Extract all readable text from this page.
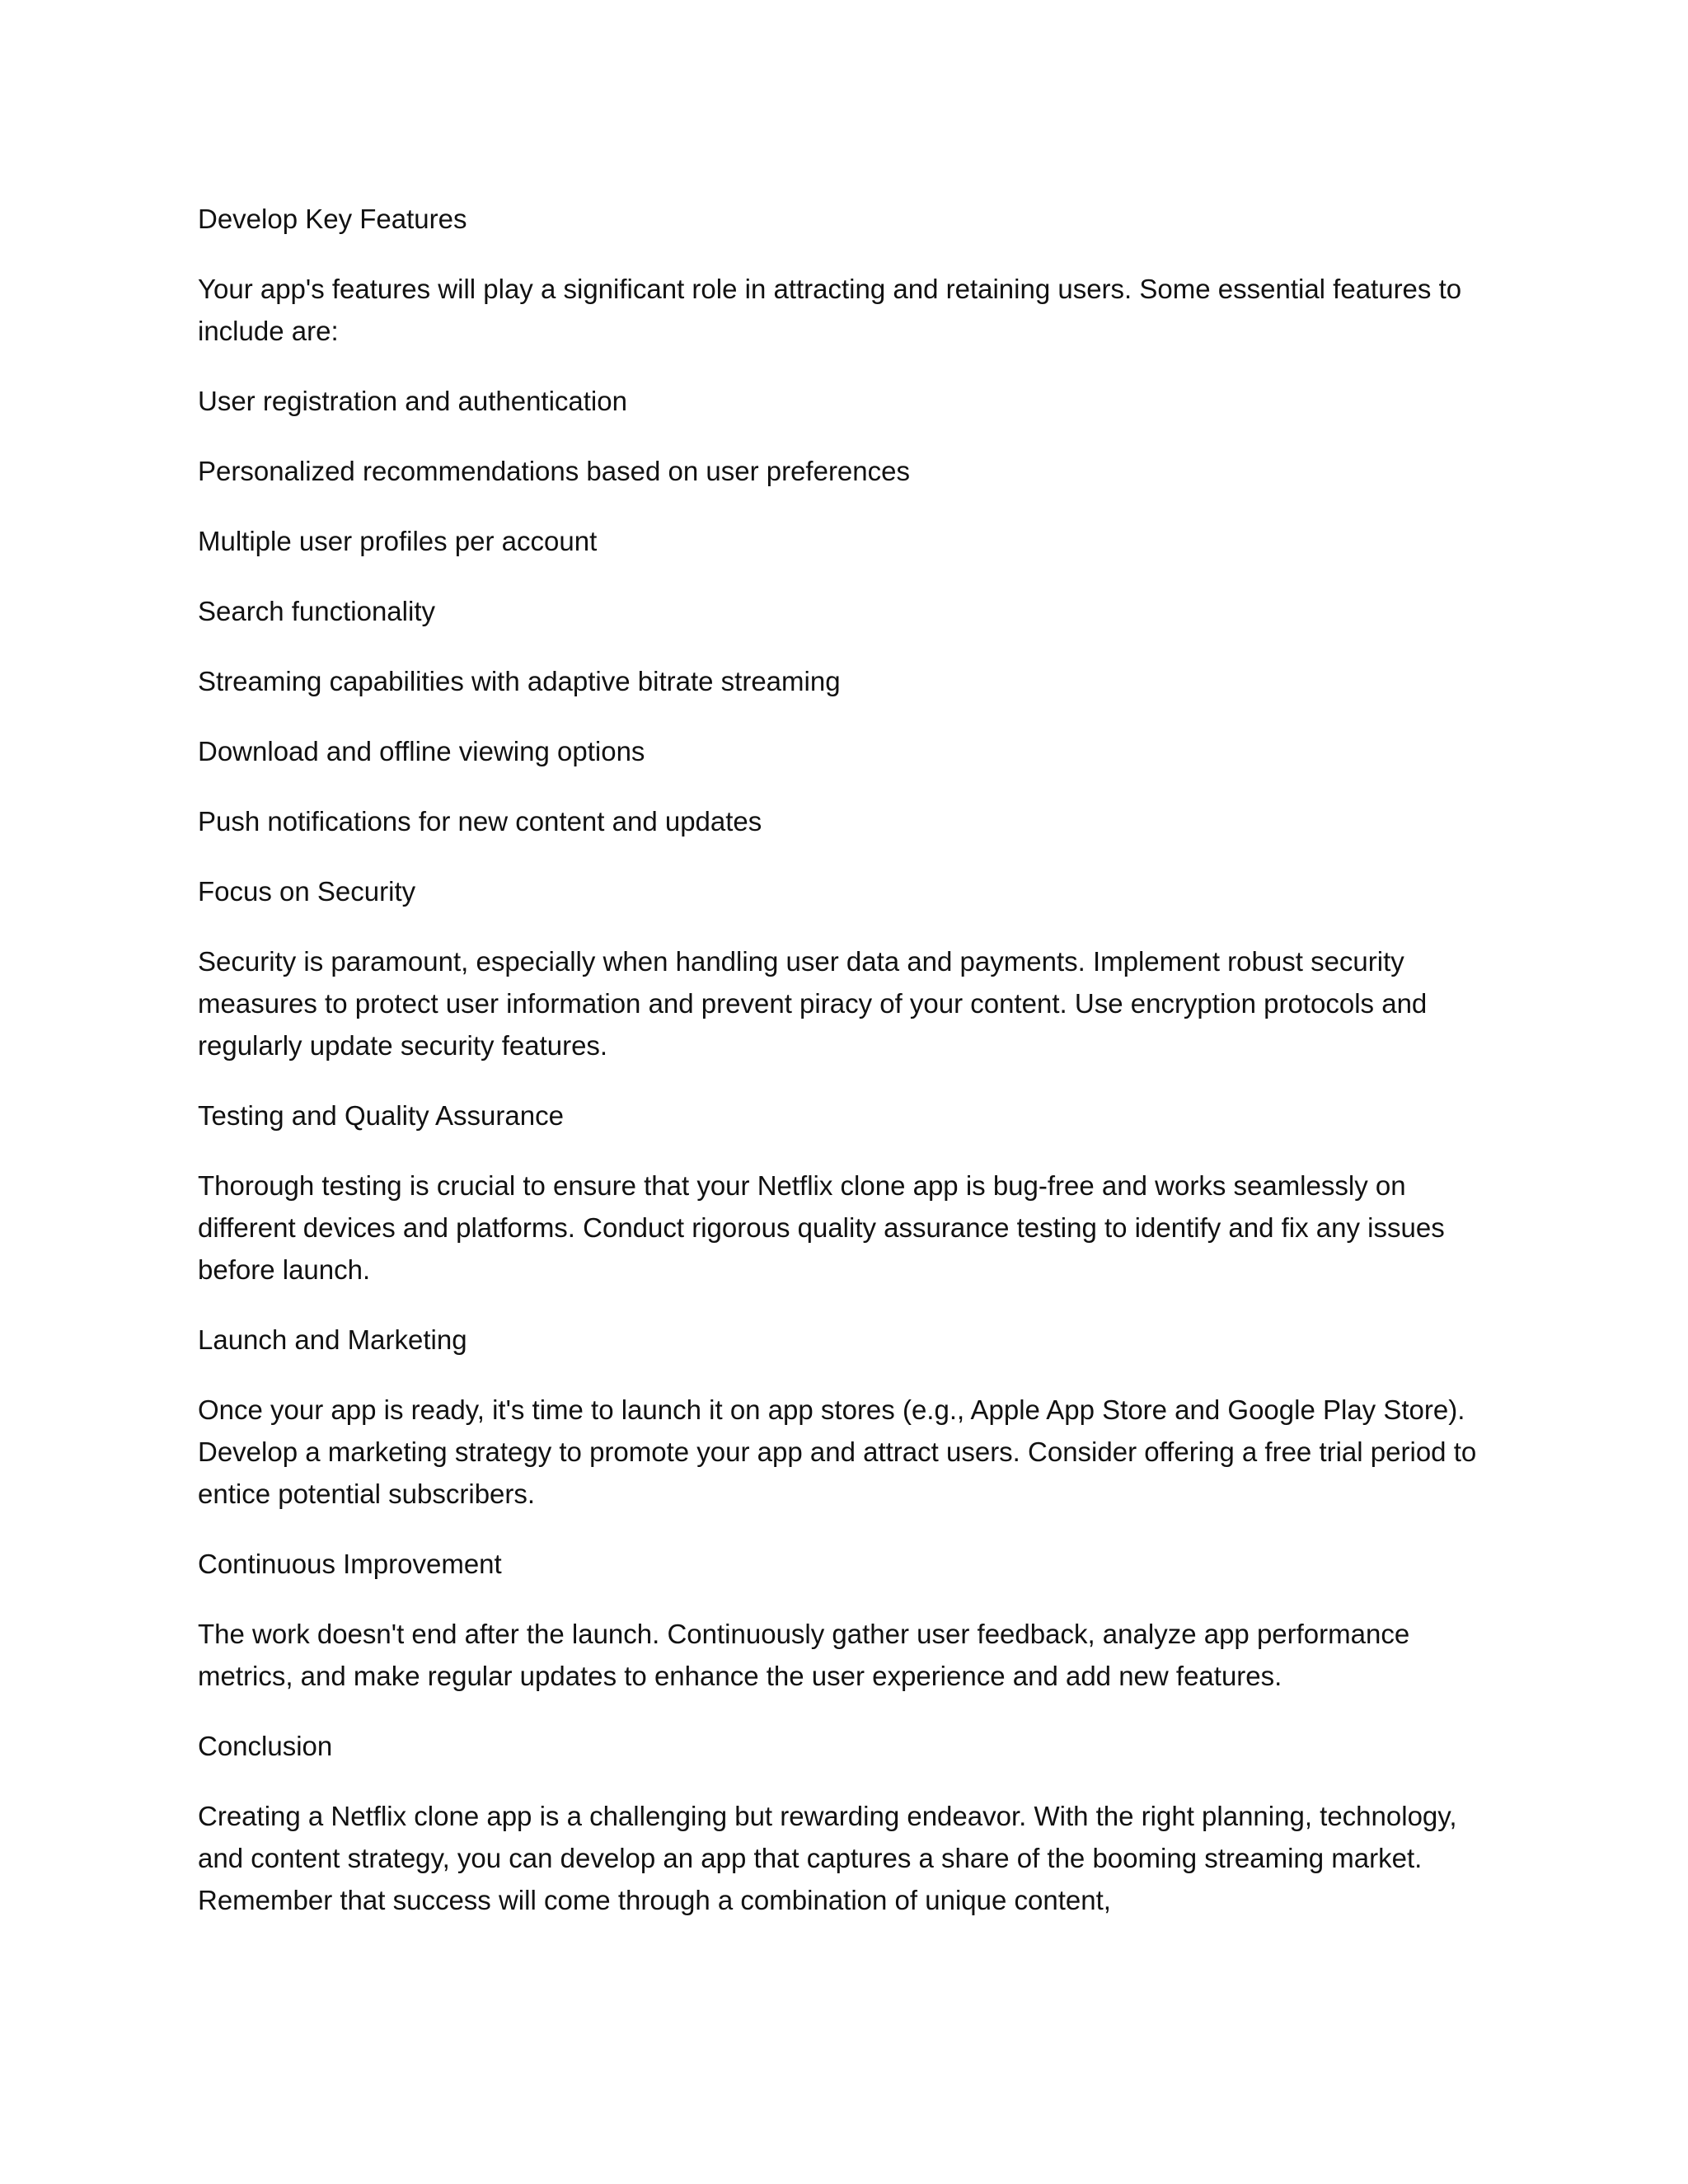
Develop Key Features

Your app's features will play a significant role in attracting and retaining users. Some essential features to include are:

User registration and authentication

Personalized recommendations based on user preferences

Multiple user profiles per account

Search functionality

Streaming capabilities with adaptive bitrate streaming

Download and offline viewing options

Push notifications for new content and updates

Focus on Security

Security is paramount, especially when handling user data and payments. Implement robust security measures to protect user information and prevent piracy of your content. Use encryption protocols and regularly update security features.

Testing and Quality Assurance

Thorough testing is crucial to ensure that your Netflix clone app is bug-free and works seamlessly on different devices and platforms. Conduct rigorous quality assurance testing to identify and fix any issues before launch.

Launch and Marketing

Once your app is ready, it's time to launch it on app stores (e.g., Apple App Store and Google Play Store). Develop a marketing strategy to promote your app and attract users. Consider offering a free trial period to entice potential subscribers.

Continuous Improvement

The work doesn't end after the launch. Continuously gather user feedback, analyze app performance metrics, and make regular updates to enhance the user experience and add new features.

Conclusion

Creating a Netflix clone app is a challenging but rewarding endeavor. With the right planning, technology, and content strategy, you can develop an app that captures a share of the booming streaming market. Remember that success will come through a combination of unique content,
